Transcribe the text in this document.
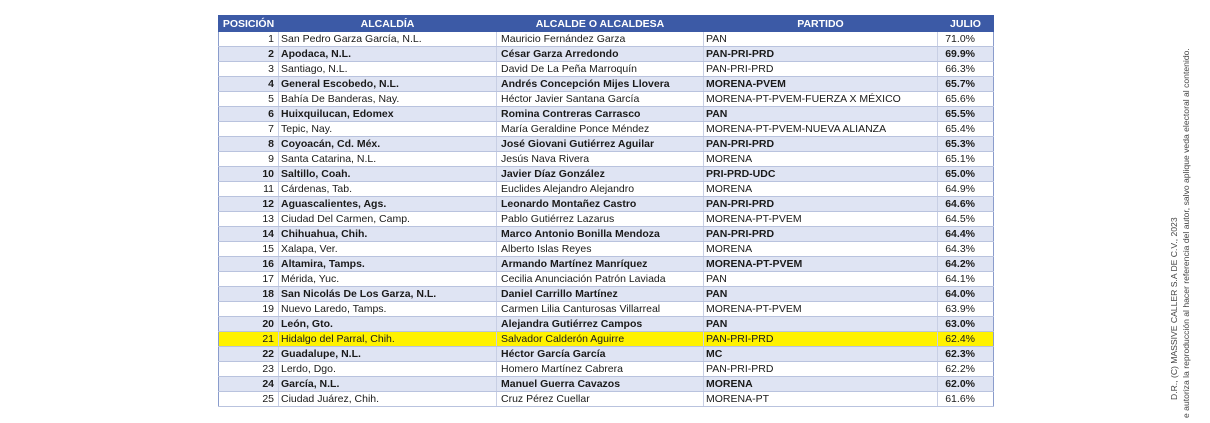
POSICIÓN	ALCALDÍA	ALCALDE O ALCALDESA	PARTIDO	JULIO
1	San Pedro Garza García, N.L.	Mauricio Fernández Garza	PAN	71.0%
2	Apodaca, N.L.	César Garza Arredondo	PAN-PRI-PRD	69.9%
3	Santiago, N.L.	David De La Peña Marroquín	PAN-PRI-PRD	66.3%
4	General Escobedo, N.L.	Andrés Concepción Mijes Llovera	MORENA-PVEM	65.7%
5	Bahía De Banderas, Nay.	Héctor Javier Santana García	MORENA-PT-PVEM-FUERZA X MÉXICO	65.6%
6	Huixquilucan, Edomex	Romina Contreras Carrasco	PAN	65.5%
7	Tepic, Nay.	María Geraldine Ponce Méndez	MORENA-PT-PVEM-NUEVA ALIANZA	65.4%
8	Coyoacán, Cd. Méx.	José Giovani Gutiérrez Aguilar	PAN-PRI-PRD	65.3%
9	Santa Catarina, N.L.	Jesús Nava Rivera	MORENA	65.1%
10	Saltillo, Coah.	Javier Díaz González	PRI-PRD-UDC	65.0%
11	Cárdenas, Tab.	Euclides Alejandro Alejandro	MORENA	64.9%
12	Aguascalientes, Ags.	Leonardo Montañez Castro	PAN-PRI-PRD	64.6%
13	Ciudad Del Carmen, Camp.	Pablo Gutiérrez Lazarus	MORENA-PT-PVEM	64.5%
14	Chihuahua, Chih.	Marco Antonio Bonilla Mendoza	PAN-PRI-PRD	64.4%
15	Xalapa, Ver.	Alberto Islas Reyes	MORENA	64.3%
16	Altamira, Tamps.	Armando Martínez Manríquez	MORENA-PT-PVEM	64.2%
17	Mérida, Yuc.	Cecilia Anunciación Patrón Laviada	PAN	64.1%
18	San Nicolás De Los Garza, N.L.	Daniel Carrillo Martínez	PAN	64.0%
19	Nuevo Laredo, Tamps.	Carmen Lilia Canturosas Villarreal	MORENA-PT-PVEM	63.9%
20	León, Gto.	Alejandra Gutiérrez Campos	PAN	63.0%
21	Hidalgo del Parral, Chih.	Salvador Calderón Aguirre	PAN-PRI-PRD	62.4%
22	Guadalupe, N.L.	Héctor García García	MC	62.3%
23	Lerdo, Dgo.	Homero Martínez Cabrera	PAN-PRI-PRD	62.2%
24	García, N.L.	Manuel Guerra Cavazos	MORENA	62.0%
25	Ciudad Juárez, Chih.	Cruz Pérez Cuellar	MORENA-PT	61.6%	D.R., (C) MASSIVE CALLER S.A DE C.V., 2023 e autoriza la reproducción al hacer referencia del autor, salvo aplique veda electoral al contenido.
